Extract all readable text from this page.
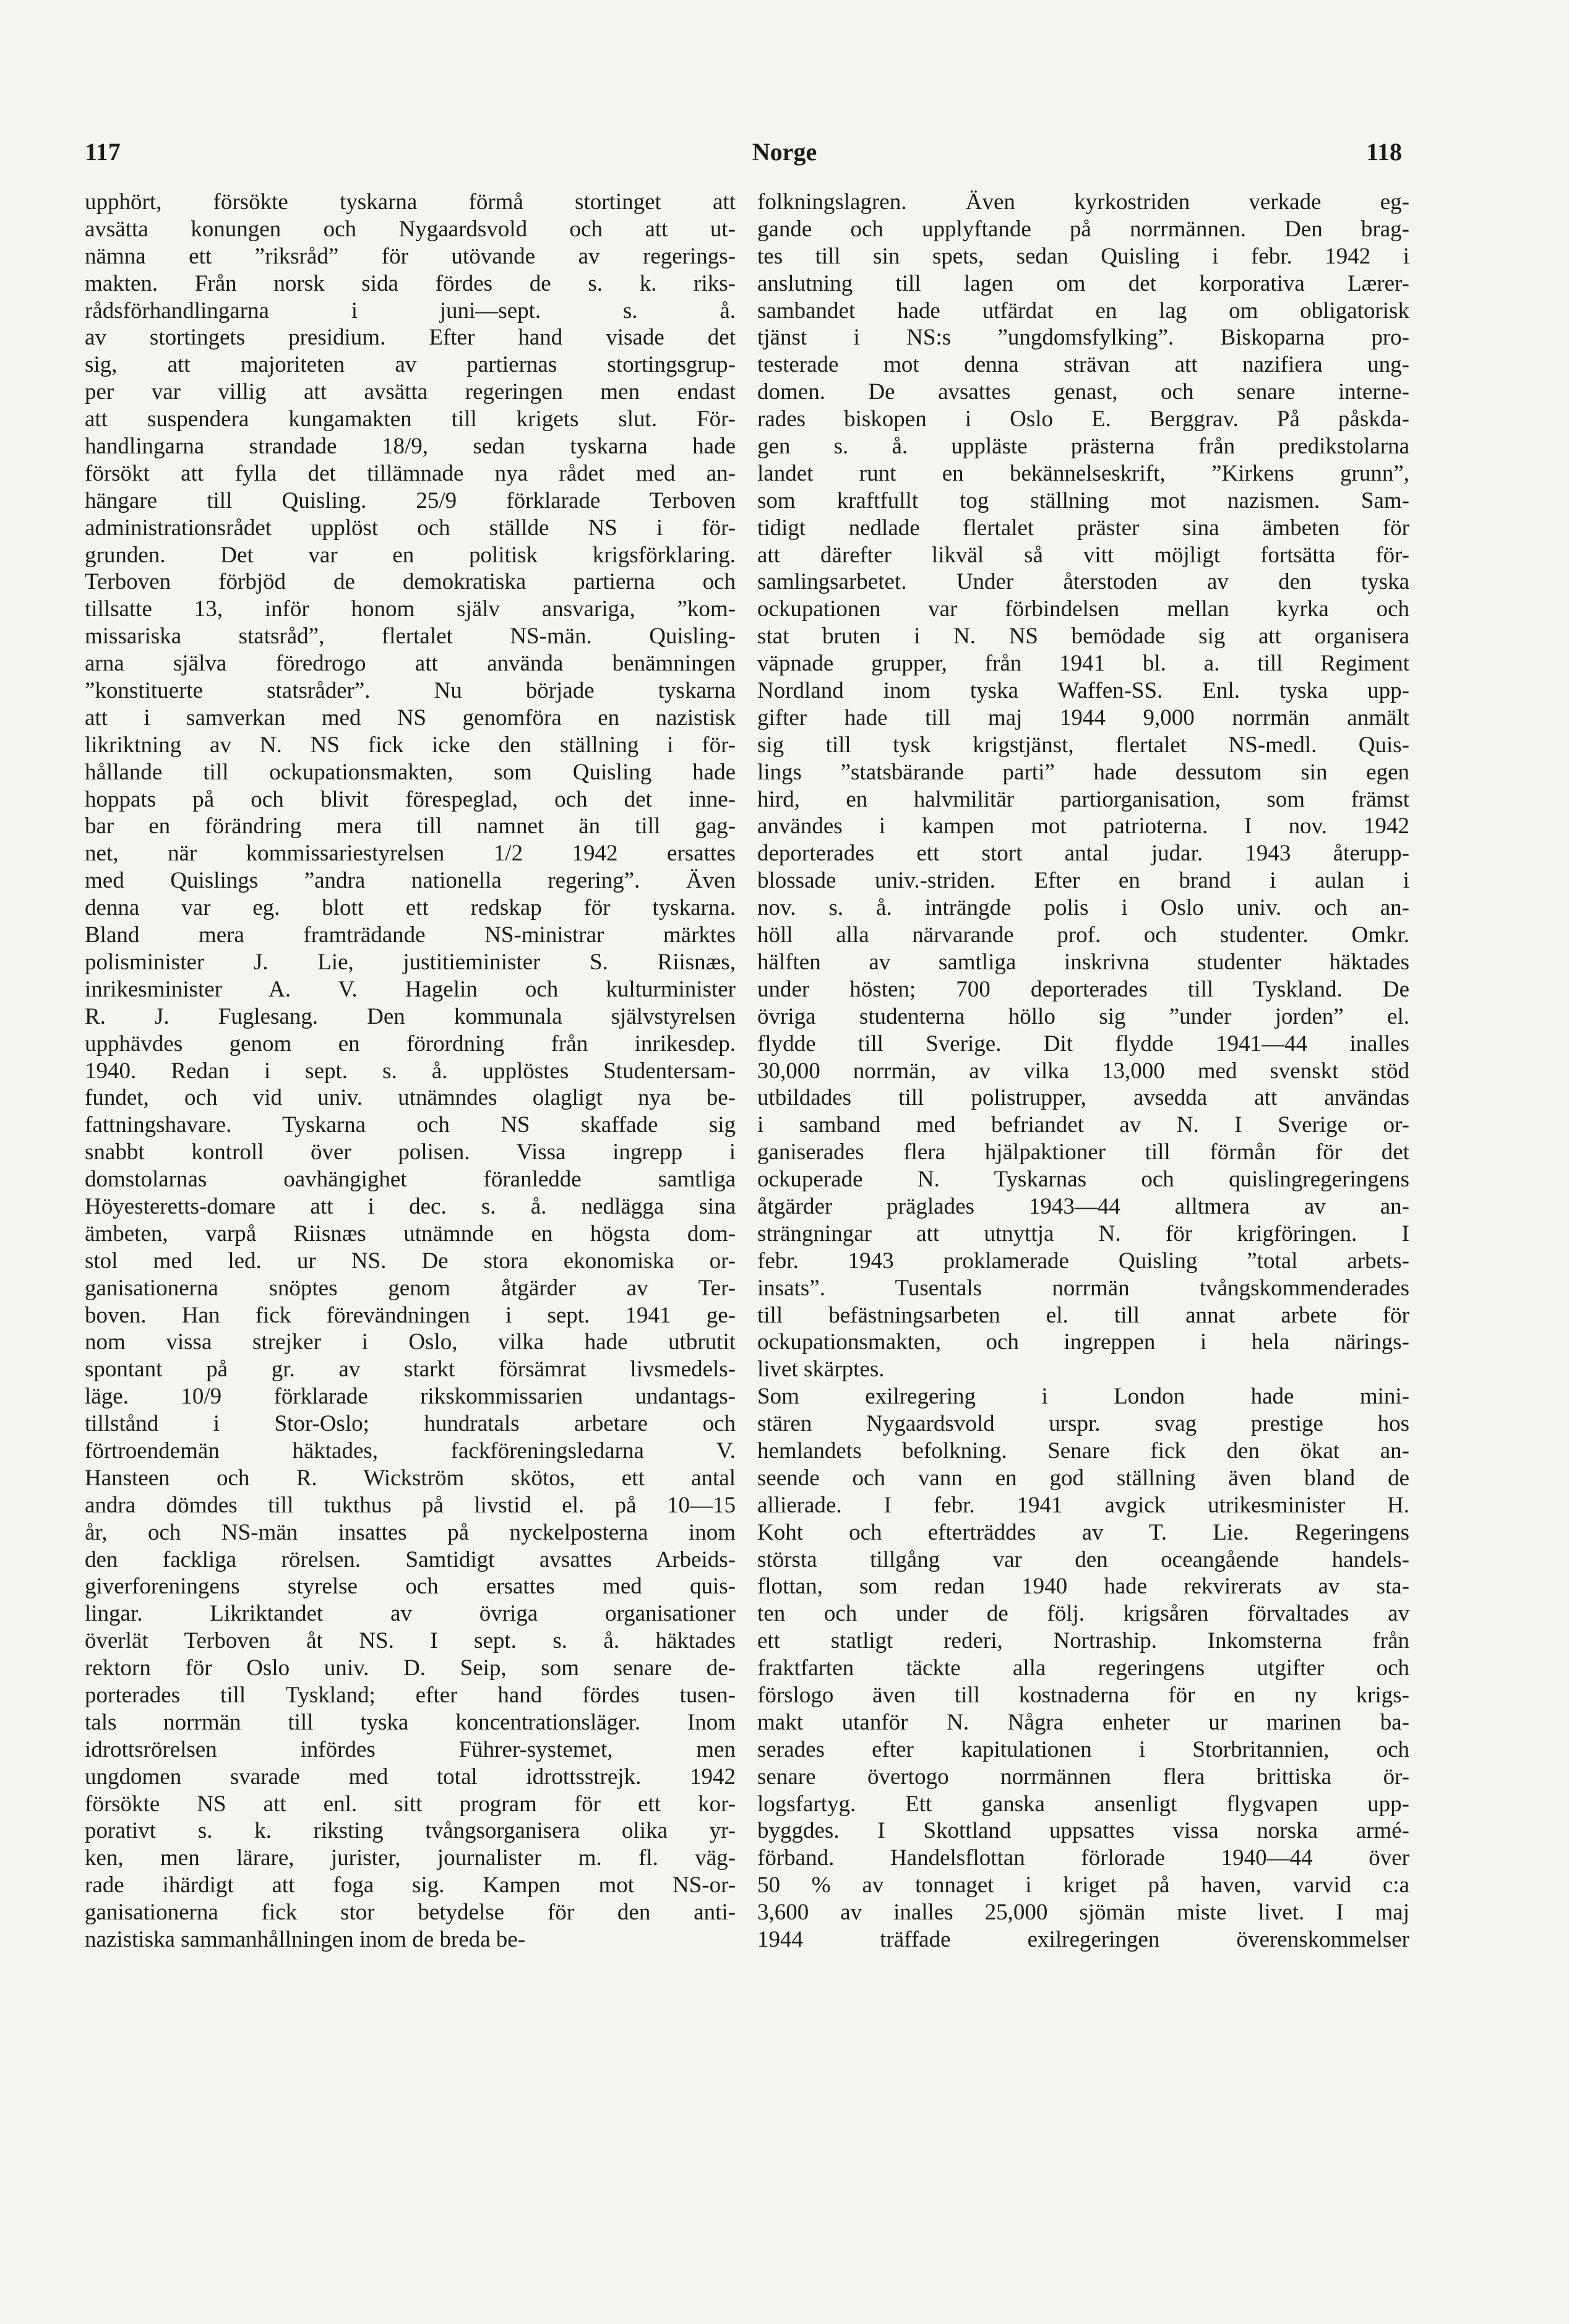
117	Norge	118
upphört, försökte tyskarna förmå stortinget att
avsätta konungen och Nygaardsvold och att ut-
nämna ett ”riksråd” för utövande av regerings-
makten. Från norsk sida fördes de s. k. riks-
rådsförhandlingarna i juni—sept. s. å.
av stortingets presidium. Efter hand visade det
sig, att majoriteten av partiernas stortingsgrup-
per var villig att avsätta regeringen men endast
att suspendera kungamakten till krigets slut. För-
handlingarna strandade 18/9, sedan tyskarna hade
försökt att fylla det tillämnade nya rådet med an-
hängare till Quisling. 25/9 förklarade Terboven
administrationsrådet upplöst och ställde NS i för-
grunden. Det var en politisk krigsförklaring.
Terboven förbjöd de demokratiska partierna och
tillsatte 13, inför honom själv ansvariga, ”kom-
missariska statsråd”, flertalet NS-män. Quisling-
arna själva föredrogo att använda benämningen
”konstituerte statsråder”. Nu började tyskarna
att i samverkan med NS genomföra en nazistisk
likriktning av N. NS fick icke den ställning i för-
hållande till ockupationsmakten, som Quisling hade
hoppats på och blivit förespeglad, och det inne-
bar en förändring mera till namnet än till gag-
net, när kommissariestyrelsen 1/2 1942 ersattes
med Quislings ”andra nationella regering”. Även
denna var eg. blott ett redskap för tyskarna.
Bland mera framträdande NS-ministrar märktes
polisminister J. Lie, justitieminister S. Riisnæs,
inrikesminister A. V. Hagelin och kulturminister
R. J. Fuglesang. Den kommunala självstyrelsen
upphävdes genom en förordning från inrikesdep.
1940. Redan i sept. s. å. upplöstes Studentersam-
fundet, och vid univ. utnämndes olagligt nya be-
fattningshavare. Tyskarna och NS skaffade sig
snabbt kontroll över polisen. Vissa ingrepp i
domstolarnas oavhängighet föranledde samtliga
Höyesteretts-domare att i dec. s. å. nedlägga sina
ämbeten, varpå Riisnæs utnämnde en högsta dom-
stol med led. ur NS. De stora ekonomiska or-
ganisationerna snöptes genom åtgärder av Ter-
boven. Han fick förevändningen i sept. 1941 ge-
nom vissa strejker i Oslo, vilka hade utbrutit
spontant på gr. av starkt försämrat livsmedels-
läge. 10/9 förklarade rikskommissarien undantags-
tillstånd i Stor-Oslo; hundratals arbetare och
förtroendemän häktades, fackföreningsledarna V.
Hansteen och R. Wickström skötos, ett antal
andra dömdes till tukthus på livstid el. på 10—15
år, och NS-män insattes på nyckelposterna inom
den fackliga rörelsen. Samtidigt avsattes Arbeids-
giverforeningens styrelse och ersattes med quis-
lingar. Likriktandet av övriga organisationer
överlät Terboven åt NS. I sept. s. å. häktades
rektorn för Oslo univ. D. Seip, som senare de-
porterades till Tyskland; efter hand fördes tusen-
tals norrmän till tyska koncentrationsläger. Inom
idrottsrörelsen infördes Führer-systemet, men
ungdomen svarade med total idrottsstrejk. 1942
försökte NS att enl. sitt program för ett kor-
porativt s. k. riksting tvångsorganisera olika yr-
ken, men lärare, jurister, journalister m. fl. väg-
rade ihärdigt att foga sig. Kampen mot NS-or-
ganisationerna fick stor betydelse för den anti-
nazistiska sammanhållningen inom de breda be-
folkningslagren. Även kyrkostriden verkade eg-
gande och upplyftande på norrmännen. Den brag-
tes till sin spets, sedan Quisling i febr. 1942 i
anslutning till lagen om det korporativa Lærer-
sambandet hade utfärdat en lag om obligatorisk
tjänst i NS:s ”ungdomsfylking”. Biskoparna pro-
testerade mot denna strävan att nazifiera ung-
domen. De avsattes genast, och senare interne-
rades biskopen i Oslo E. Berggrav. På påskda-
gen s. å. uppläste prästerna från predikstolarna
landet runt en bekännelseskrift, ”Kirkens grunn”,
som kraftfullt tog ställning mot nazismen. Sam-
tidigt nedlade flertalet präster sina ämbeten för
att därefter likväl så vitt möjligt fortsätta för-
samlingsarbetet. Under återstoden av den tyska
ockupationen var förbindelsen mellan kyrka och
stat bruten i N. NS bemödade sig att organisera
väpnade grupper, från 1941 bl. a. till Regiment
Nordland inom tyska Waffen-SS. Enl. tyska upp-
gifter hade till maj 1944 9,000 norrmän anmält
sig till tysk krigstjänst, flertalet NS-medl. Quis-
lings ”statsbärande parti” hade dessutom sin egen
hird, en halvmilitär partiorganisation, som främst
användes i kampen mot patrioterna. I nov. 1942
deporterades ett stort antal judar. 1943 återupp-
blossade univ.-striden. Efter en brand i aulan i
nov. s. å. inträngde polis i Oslo univ. och an-
höll alla närvarande prof. och studenter. Omkr.
hälften av samtliga inskrivna studenter häktades
under hösten; 700 deporterades till Tyskland. De
övriga studenterna höllo sig ”under jorden” el.
flydde till Sverige. Dit flydde 1941—44 inalles
30,000 norrmän, av vilka 13,000 med svenskt stöd
utbildades till polistrupper, avsedda att användas
i samband med befriandet av N. I Sverige or-
ganiserades flera hjälpaktioner till förmån för det
ockuperade N. Tyskarnas och quislingregeringens
åtgärder präglades 1943—44 alltmera av an-
strängningar att utnyttja N. för krigföringen. I
febr. 1943 proklamerade Quisling ”total arbets-
insats”. Tusentals norrmän tvångskommenderades
till befästningsarbeten el. till annat arbete för
ockupationsmakten, och ingreppen i hela närings-
livet skärptes.
Som exilregering i London hade mini-
stären Nygaardsvold urspr. svag prestige hos
hemlandets befolkning. Senare fick den ökat an-
seende och vann en god ställning även bland de
allierade. I febr. 1941 avgick utrikesminister H.
Koht och efterträddes av T. Lie. Regeringens
största tillgång var den oceangående handels-
flottan, som redan 1940 hade rekvirerats av sta-
ten och under de följ. krigsåren förvaltades av
ett statligt rederi, Nortraship. Inkomsterna från
fraktfarten täckte alla regeringens utgifter och
förslogo även till kostnaderna för en ny krigs-
makt utanför N. Några enheter ur marinen ba-
serades efter kapitulationen i Storbritannien, och
senare övertogo norrmännen flera brittiska ör-
logsfartyg. Ett ganska ansenligt flygvapen upp-
byggdes. I Skottland uppsattes vissa norska armé-
förband. Handelsflottan förlorade 1940—44 över
50 % av tonnaget i kriget på haven, varvid c:a
3,600 av inalles 25,000 sjömän miste livet. I maj
1944 träffade exilregeringen överenskommelser
